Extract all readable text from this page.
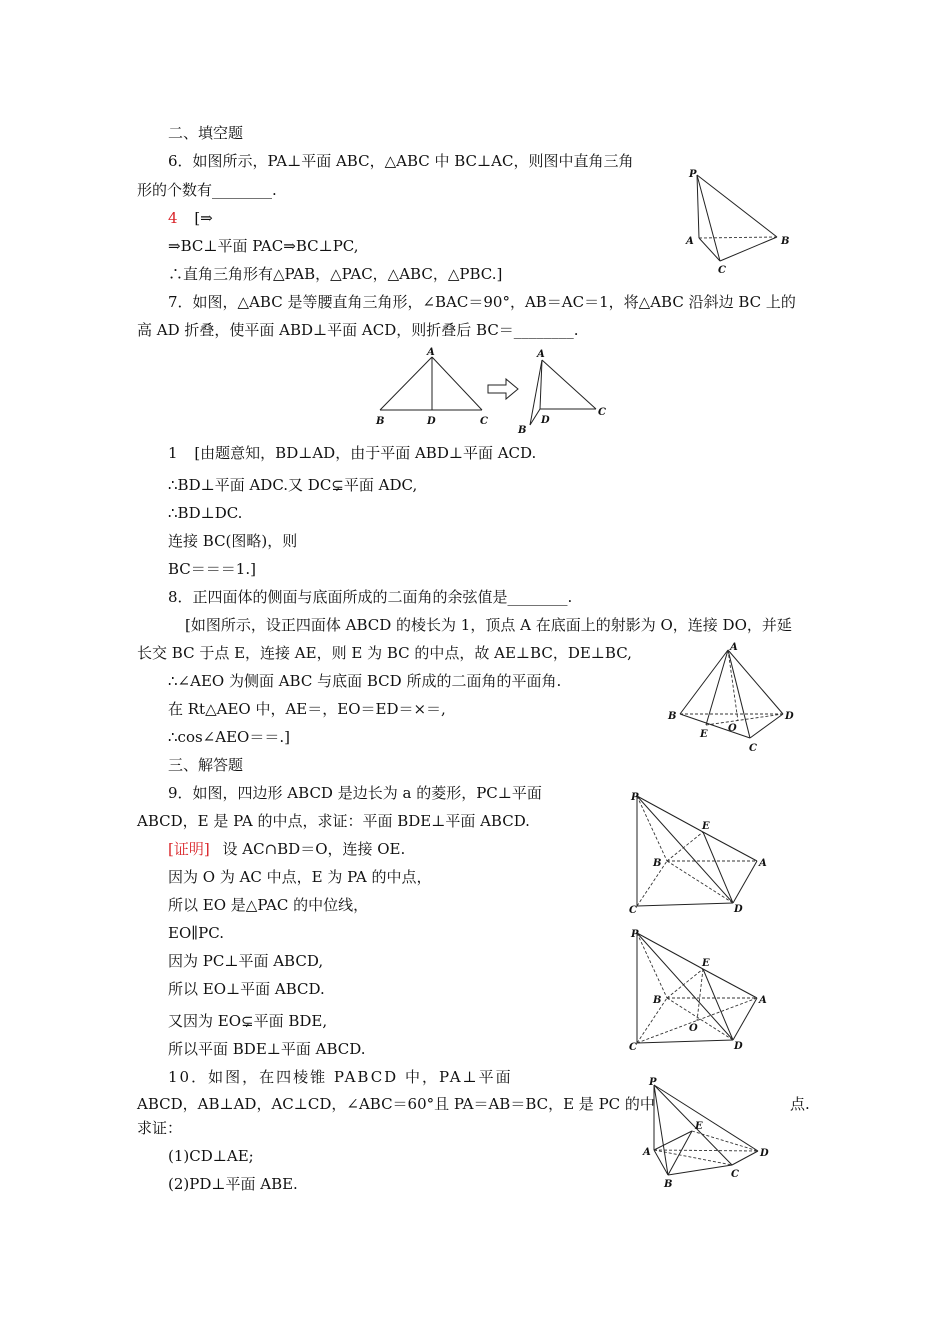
二、填空题
6．如图所示，PA⊥平面 ABC，△ABC 中 BC⊥AC，则图中直角三角
形的个数有________.
4 [⇒
⇒BC⊥平面 PAC⇒BC⊥PC,
∴直角三角形有△PAB，△PAC，△ABC，△PBC.]
P
A	B
C
7．如图，△ABC 是等腰直角三角形，∠BAC＝90°，AB＝AC＝1，将△ABC 沿斜边 BC 上的
高 AD 折叠，使平面 ABD⊥平面 ACD，则折叠后 BC＝________.
A
B	D	C
A
B
D
C
1 [由题意知，BD⊥AD，由于平面 ABD⊥平面 ACD.
∴BD⊥平面 ADC.又 DC⊊平面 ADC,
∴BD⊥DC.
连接 BC(图略)，则
BC＝＝＝1.]
8．正四面体的侧面与底面所成的二面角的余弦值是________.
[如图所示，设正四面体 ABCD 的棱长为 1，顶点 A 在底面上的射影为 O，连接 DO，并延
长交 BC 于点 E，连接 AE，则 E 为 BC 的中点，故 AE⊥BC，DE⊥BC,
∴∠AEO 为侧面 ABC 与底面 BCD 所成的二面角的平面角.
在 Rt△AEO 中，AE＝，EO＝ED＝×＝,
∴cos∠AEO＝＝.]
A
B	D
E
O
C
三、解答题
9．如图，四边形 ABCD 是边长为 a 的菱形，PC⊥平面
ABCD，E 是 PA 的中点，求证：平面 BDE⊥平面 ABCD.
[证明] 设 AC∩BD＝O，连接 OE.
因为 O 为 AC 中点，E 为 PA 的中点，
所以 EO 是△PAC 的中位线，
EO∥PC.
因为 PC⊥平面 ABCD,
所以 EO⊥平面 ABCD.
又因为 EO⊊平面 BDE,
所以平面 BDE⊥平面 ABCD.
P
E
B	A
C	D
P
E
B	A
O
C	D
10．如图，在四棱锥 PABCD 中，PA⊥平面
ABCD，AB⊥AD，AC⊥CD，∠ABC＝60°且 PA＝AB＝BC，E 是 PC 的中	点.
求证：
(1)CD⊥AE;
(2)PD⊥平面 ABE.
P
E
A	D
B
C
